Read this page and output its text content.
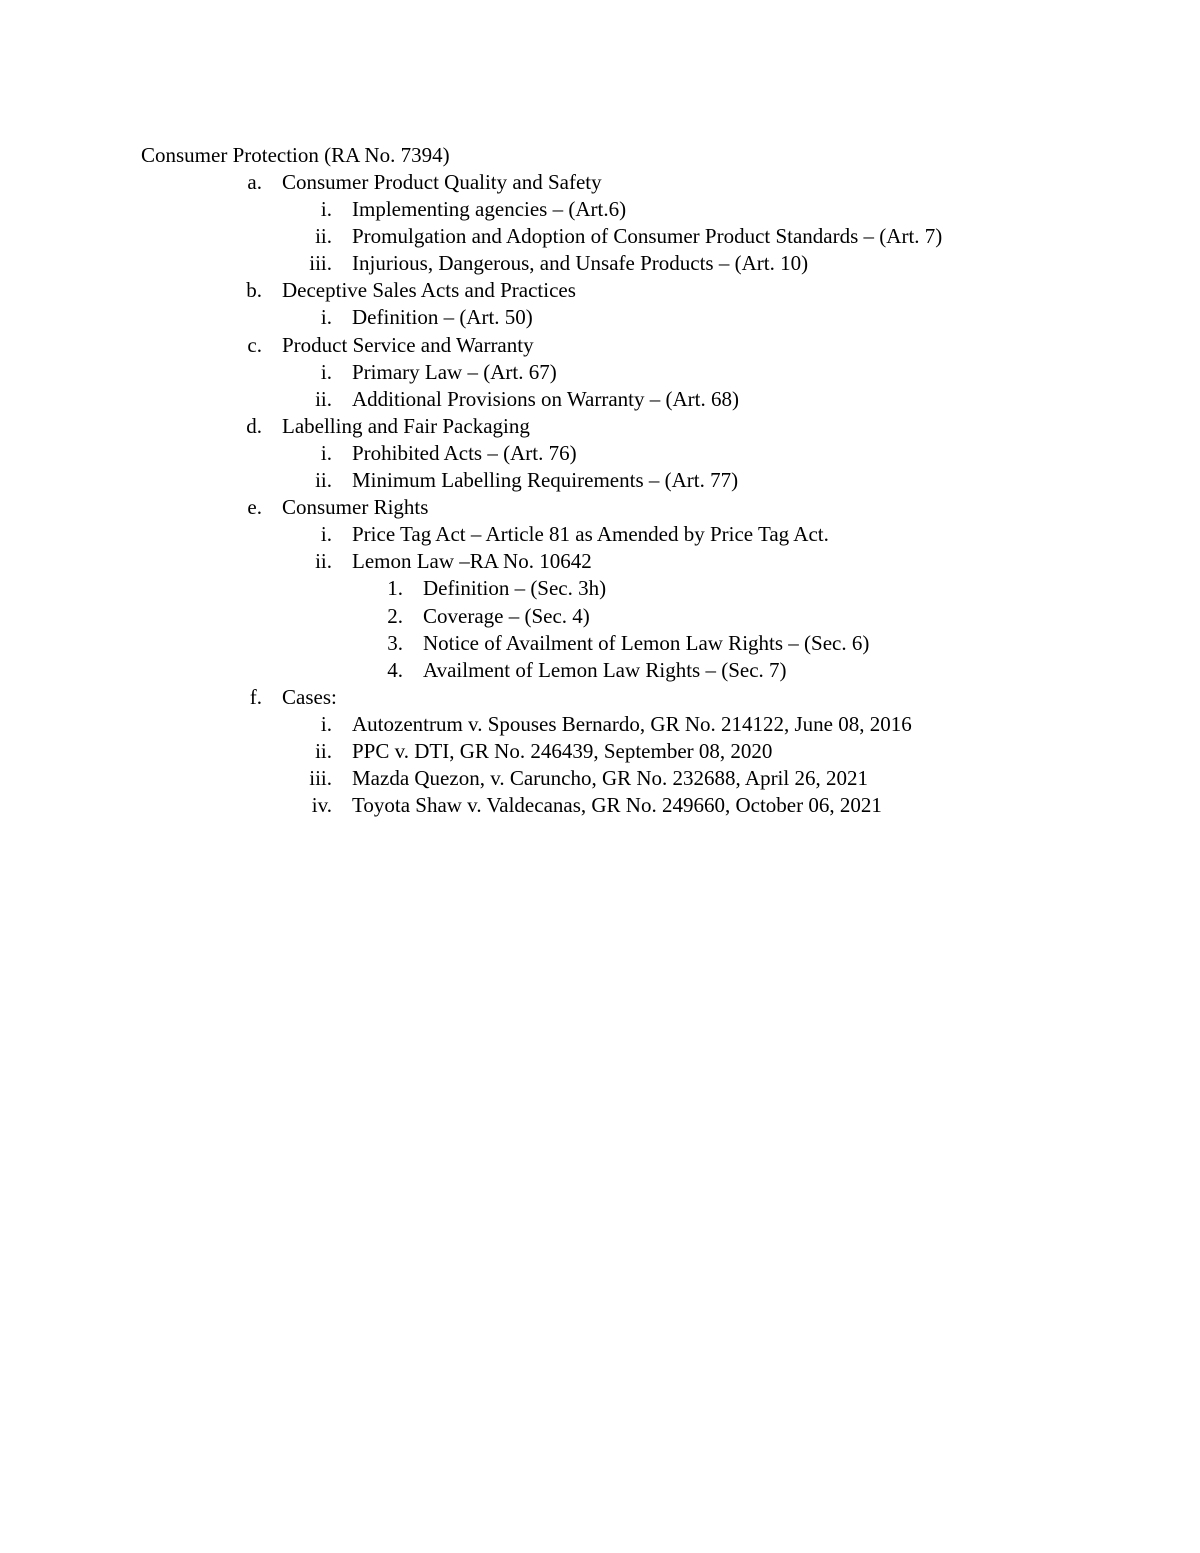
Consumer Protection (RA No. 7394)
a. Consumer Product Quality and Safety
i. Implementing agencies – (Art.6)
ii. Promulgation and Adoption of Consumer Product Standards – (Art. 7)
iii. Injurious, Dangerous, and Unsafe Products – (Art. 10)
b. Deceptive Sales Acts and Practices
i. Definition – (Art. 50)
c. Product Service and Warranty
i. Primary Law – (Art. 67)
ii. Additional Provisions on Warranty – (Art. 68)
d. Labelling and Fair Packaging
i. Prohibited Acts – (Art. 76)
ii. Minimum Labelling Requirements – (Art. 77)
e. Consumer Rights
i. Price Tag Act – Article 81 as Amended by Price Tag Act.
ii. Lemon Law –RA No. 10642
1. Definition – (Sec. 3h)
2. Coverage – (Sec. 4)
3. Notice of Availment of Lemon Law Rights – (Sec. 6)
4. Availment of Lemon Law Rights – (Sec. 7)
f. Cases:
i. Autozentrum v. Spouses Bernardo, GR No. 214122, June 08, 2016
ii. PPC v. DTI, GR No. 246439, September 08, 2020
iii. Mazda Quezon, v. Caruncho, GR No. 232688, April 26, 2021
iv. Toyota Shaw v. Valdecanas, GR No. 249660, October 06, 2021
